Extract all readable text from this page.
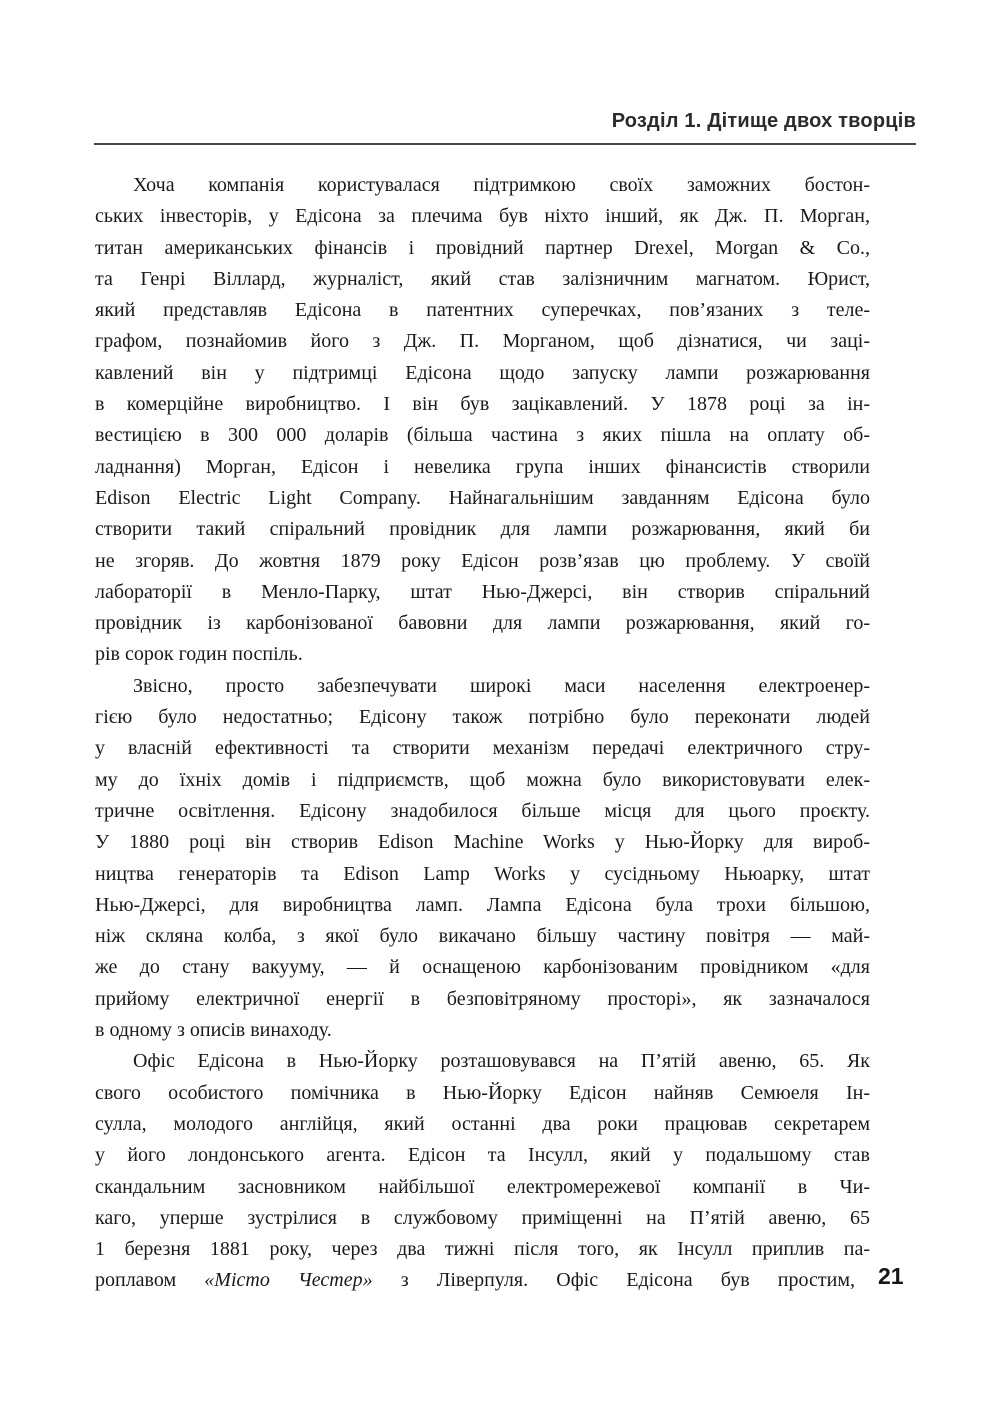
Розділ 1. Дітище двох творців
Хоча компанія користувалася підтримкою своїх заможних бостон-
ських інвесторів, у Едісона за плечима був ніхто інший, як Дж. П. Морган,
титан американських фінансів і провідний партнер Drexel, Morgan & Co.,
та Генрі Віллард, журналіст, який став залізничним магнатом. Юрист,
який представляв Едісона в патентних суперечках, пов’язаних з теле-
графом, познайомив його з Дж. П. Морганом, щоб дізнатися, чи заці-
кавлений він у підтримці Едісона щодо запуску лампи розжарювання
в комерційне виробництво. І він був зацікавлений. У 1878 році за ін-
вестицією в 300 000 доларів (більша частина з яких пішла на оплату об-
ладнання) Морган, Едісон і невелика група інших фінансистів створили
Edison Electric Light Company. Найнагальнішим завданням Едісона було
створити такий спіральний провідник для лампи розжарювання, який би
не згоряв. До жовтня 1879 року Едісон розв’язав цю проблему. У своїй
лабораторії в Менло-Парку, штат Нью-Джерсі, він створив спіральний
провідник із карбонізованої бавовни для лампи розжарювання, який го-
рів сорок годин поспіль.
Звісно, просто забезпечувати широкі маси населення електроенер-
гією було недостатньо; Едісону також потрібно було переконати людей
у власній ефективності та створити механізм передачі електричного стру-
му до їхніх домів і підприємств, щоб можна було використовувати елек-
тричне освітлення. Едісону знадобилося більше місця для цього проєкту.
У 1880 році він створив Edison Machine Works у Нью-Йорку для вироб-
ництва генераторів та Edison Lamp Works у сусідньому Ньюарку, штат
Нью-Джерсі, для виробництва ламп. Лампа Едісона була трохи більшою,
ніж скляна колба, з якої було викачано більшу частину повітря — май-
же до стану вакууму, — й оснащеною карбонізованим провідником «для
прийому електричної енергії в безповітряному просторі», як зазначалося
в одному з описів винаходу.
Офіс Едісона в Нью-Йорку розташовувався на П’ятій авеню, 65. Як
свого особистого помічника в Нью-Йорку Едісон найняв Семюеля Ін-
сулла, молодого англійця, який останні два роки працював секретарем
у його лондонського агента. Едісон та Інсулл, який у подальшому став
скандальним засновником найбільшої електромережевої компанії в Чи-
каго, уперше зустрілися в службовому приміщенні на П’ятій авеню, 65
1 березня 1881 року, через два тижні після того, як Інсулл приплив па-
роплавом «Місто Честер» з Ліверпуля. Офіс Едісона був простим, 21
